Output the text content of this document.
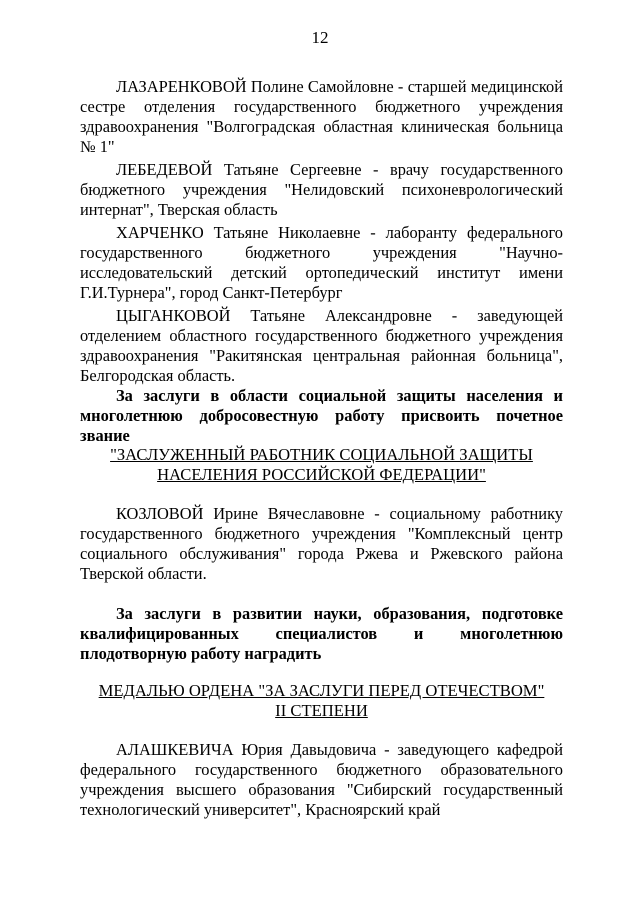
12

ЛАЗАРЕНКОВОЙ Полине Самойловне - старшей медицинской сестре отделения государственного бюджетного учреждения здравоохранения "Волгоградская областная клиническая больница № 1"

ЛЕБЕДЕВОЙ Татьяне Сергеевне - врачу государственного бюджетного учреждения "Нелидовский психоневрологический интернат", Тверская область

ХАРЧЕНКО Татьяне Николаевне - лаборанту федерального государственного бюджетного учреждения "Научно-исследовательский детский ортопедический институт имени Г.И.Турнера", город Санкт-Петербург

ЦЫГАНКОВОЙ Татьяне Александровне - заведующей отделением областного государственного бюджетного учреждения здравоохранения "Ракитянская центральная районная больница", Белгородская область.

За заслуги в области социальной защиты населения и многолетнюю добросовестную работу присвоить почетное звание

"ЗАСЛУЖЕННЫЙ РАБОТНИК СОЦИАЛЬНОЙ ЗАЩИТЫ

НАСЕЛЕНИЯ РОССИЙСКОЙ ФЕДЕРАЦИИ"

КОЗЛОВОЙ Ирине Вячеславовне - социальному работнику государственного бюджетного учреждения "Комплексный центр социального обслуживания" города Ржева и Ржевского района Тверской области.

За заслуги в развитии науки, образования, подготовке квалифицированных специалистов и многолетнюю плодотворную работу наградить

МЕДАЛЬЮ ОРДЕНА "ЗА ЗАСЛУГИ ПЕРЕД ОТЕЧЕСТВОМ"

II СТЕПЕНИ

АЛАШКЕВИЧА Юрия Давыдовича - заведующего кафедрой федерального государственного бюджетного образовательного учреждения высшего образования "Сибирский государственный технологический университет", Красноярский край
